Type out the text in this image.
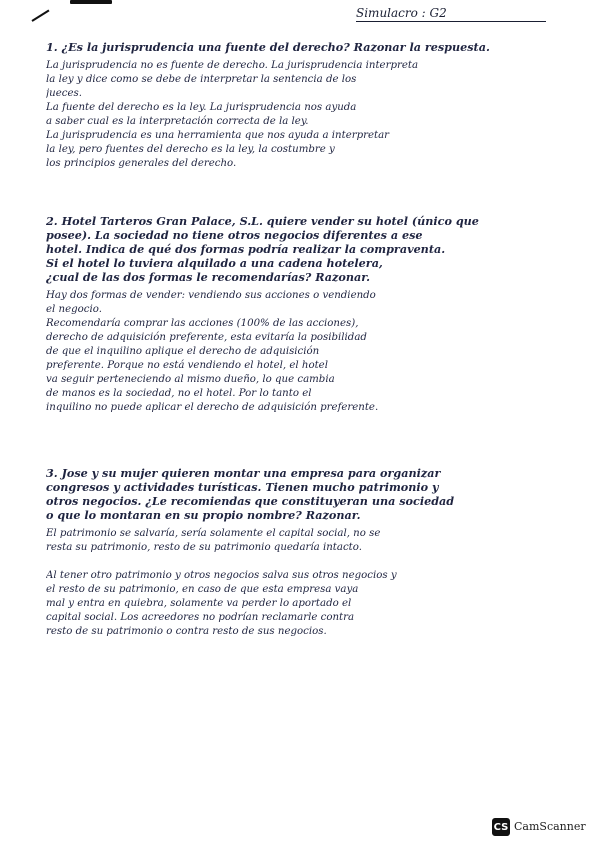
Simulacro : G2
1. ¿Es la jurisprudencia una fuente del derecho? Razonar la respuesta.
La jurisprudencia no es fuente de derecho. La jurisprudencia interpreta
la ley y dice como se debe de interpretar la sentencia de los
jueces.
La fuente del derecho es la ley. La jurisprudencia nos ayuda
a saber cual es la interpretación correcta de la ley.
La jurisprudencia es una herramienta que nos ayuda a interpretar
la ley, pero fuentes del derecho es la ley, la costumbre y
los principios generales del derecho.
2. Hotel Tarteros Gran Palace, S.L. quiere vender su hotel (único que
posee). La sociedad no tiene otros negocios diferentes a ese
hotel. Indica de qué dos formas podría realizar la compraventa.
Si el hotel lo tuviera alquilado a una cadena hotelera,
¿cual de las dos formas le recomendarías? Razonar.
Hay dos formas de vender: vendiendo sus acciones o vendiendo
el negocio.
Recomendaría comprar las acciones (100% de las acciones),
derecho de adquisición preferente, esta evitaría la posibilidad
de que el inquilino aplique el derecho de adquisición
preferente. Porque no está vendiendo el hotel, el hotel
va seguir perteneciendo al mismo dueño, lo que cambia
de manos es la sociedad, no el hotel. Por lo tanto el
inquilino no puede aplicar el derecho de adquisición preferente.
3. Jose y su mujer quieren montar una empresa para organizar
congresos y actividades turísticas. Tienen mucho patrimonio y
otros negocios. ¿Le recomiendas que constituyeran una sociedad
o que lo montaran en su propio nombre? Razonar.
El patrimonio se salvaría, sería solamente el capital social, no se
resta su patrimonio, resto de su patrimonio quedaría intacto.
Al tener otro patrimonio y otros negocios salva sus otros negocios y
el resto de su patrimonio, en caso de que esta empresa vaya
mal y entra en quiebra, solamente va perder lo aportado el
capital social. Los acreedores no podrían reclamarle contra
resto de su patrimonio o contra resto de sus negocios.
CS CamScanner
